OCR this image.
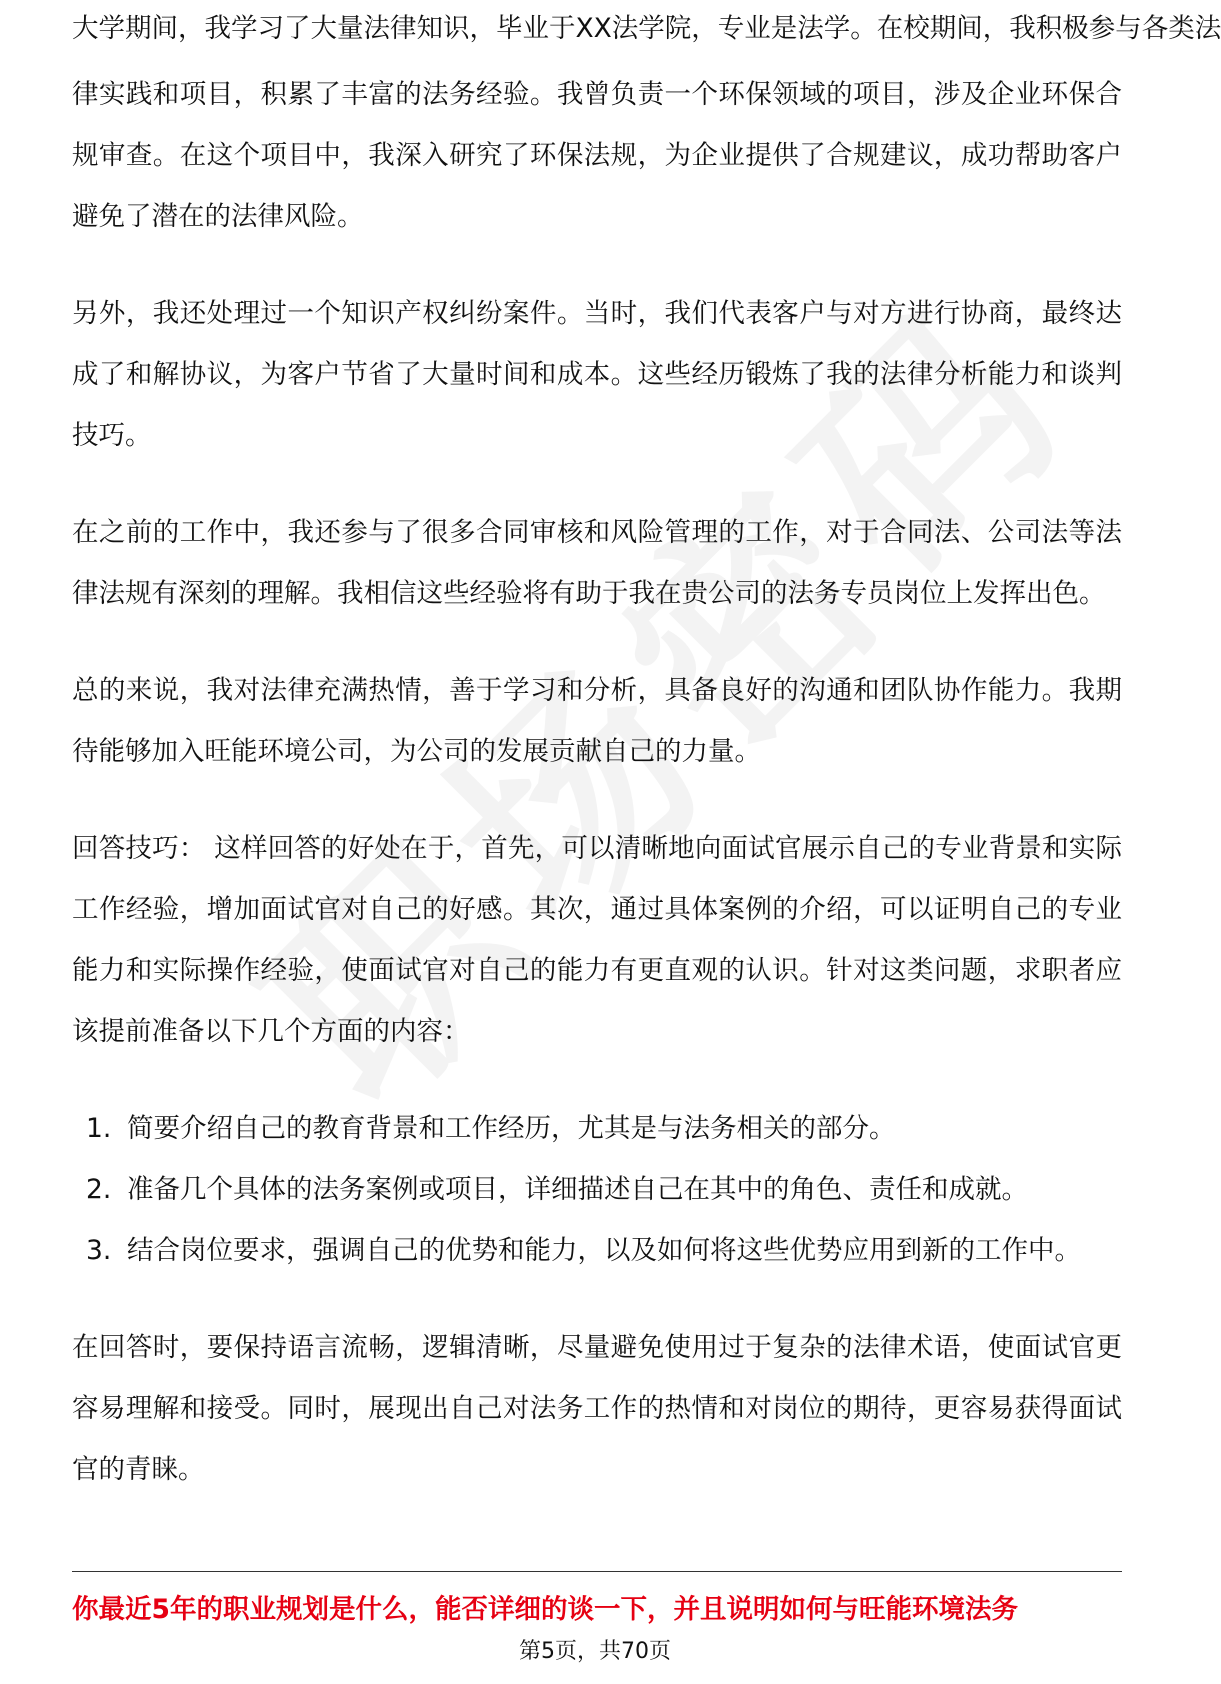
大学期间，我学习了大量法律知识，毕业于XX法学院，专业是法学。在校期间，我积极参与各类法

律实践和项目，积累了丰富的法务经验。我曾负责一个环保领域的项目，涉及企业环保合规审查。在这个项目中，我深入研究了环保法规，为企业提供了合规建议，成功帮助客户避免了潜在的法律风险。

另外，我还处理过一个知识产权纠纷案件。当时，我们代表客户与对方进行协商，最终达成了和解协议，为客户节省了大量时间和成本。这些经历锻炼了我的法律分析能力和谈判技巧。

在之前的工作中，我还参与了很多合同审核和风险管理的工作，对于合同法、公司法等法律法规有深刻的理解。我相信这些经验将有助于我在贵公司的法务专员岗位上发挥出色。

总的来说，我对法律充满热情，善于学习和分析，具备良好的沟通和团队协作能力。我期待能够加入旺能环境公司，为公司的发展贡献自己的力量。

回答技巧： 这样回答的好处在于，首先，可以清晰地向面试官展示自己的专业背景和实际工作经验，增加面试官对自己的好感。其次，通过具体案例的介绍，可以证明自己的专业能力和实际操作经验，使面试官对自己的能力有更直观的认识。针对这类问题，求职者应该提前准备以下几个方面的内容：

1. 简要介绍自己的教育背景和工作经历，尤其是与法务相关的部分。
2. 准备几个具体的法务案例或项目，详细描述自己在其中的角色、责任和成就。
3. 结合岗位要求，强调自己的优势和能力，以及如何将这些优势应用到新的工作中。

在回答时，要保持语言流畅，逻辑清晰，尽量避免使用过于复杂的法律术语，使面试官更容易理解和接受。同时，展现出自己对法务工作的热情和对岗位的期待，更容易获得面试官的青睐。

你最近5年的职业规划是什么，能否详细的谈一下，并且说明如何与旺能环境法务
第5页，共70页
